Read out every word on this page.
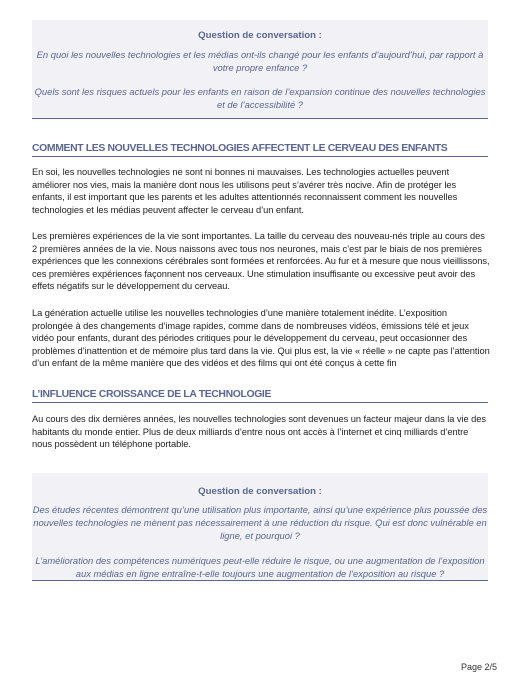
Question de conversation :

En quoi les nouvelles technologies et les médias ont-ils changé pour les enfants d’aujourd’hui, par rapport à votre propre enfance ?

Quels sont les risques actuels pour les enfants en raison de l’expansion continue des nouvelles technologies et de l’accessibilité ?

COMMENT LES NOUVELLES TECHNOLOGIES AFFECTENT LE CERVEAU DES ENFANTS

En soi, les nouvelles technologies ne sont ni bonnes ni mauvaises. Les technologies actuelles peuvent améliorer nos vies, mais la manière dont nous les utilisons peut s’avérer très nocive. Afin de protéger les enfants, il est important que les parents et les adultes attentionnés reconnaissent comment les nouvelles technologies et les médias peuvent affecter le cerveau d’un enfant.

Les premières expériences de la vie sont importantes. La taille du cerveau des nouveau-nés triple au cours des 2 premières années de la vie. Nous naissons avec tous nos neurones, mais c’est par le biais de nos premières expériences que les connexions cérébrales sont formées et renforcées. Au fur et à mesure que nous vieillissons, ces premières expériences façonnent nos cerveaux. Une stimulation insuffisante ou excessive peut avoir des effets négatifs sur le développement du cerveau.

La génération actuelle utilise les nouvelles technologies d’une manière totalement inédite. L’exposition prolongée à des changements d’image rapides, comme dans de nombreuses vidéos, émissions télé et jeux vidéo pour enfants, durant des périodes critiques pour le développement du cerveau, peut occasionner des problèmes d’inattention et de mémoire plus tard dans la vie. Qui plus est, la vie « réelle » ne capte pas l’attention d’un enfant de la même manière que des vidéos et des films qui ont été conçus à cette fin

L’INFLUENCE CROISSANCE DE LA TECHNOLOGIE

Au cours des dix dernières années, les nouvelles technologies sont devenues un facteur majeur dans la vie des habitants du monde entier. Plus de deux milliards d’entre nous ont accès à l’internet et cinq milliards d’entre nous possèdent un téléphone portable.

Question de conversation :

Des études récentes démontrent qu’une utilisation plus importante, ainsi qu’une expérience plus poussée des nouvelles technologies ne mènent pas nécessairement à une réduction du risque. Qui est donc vulnérable en ligne, et pourquoi ?

L’amélioration des compétences numériques peut-elle réduire le risque, ou une augmentation de l’exposition aux médias en ligne entraîne-t-elle toujours une augmentation de l’exposition au risque ?

Page 2/5
